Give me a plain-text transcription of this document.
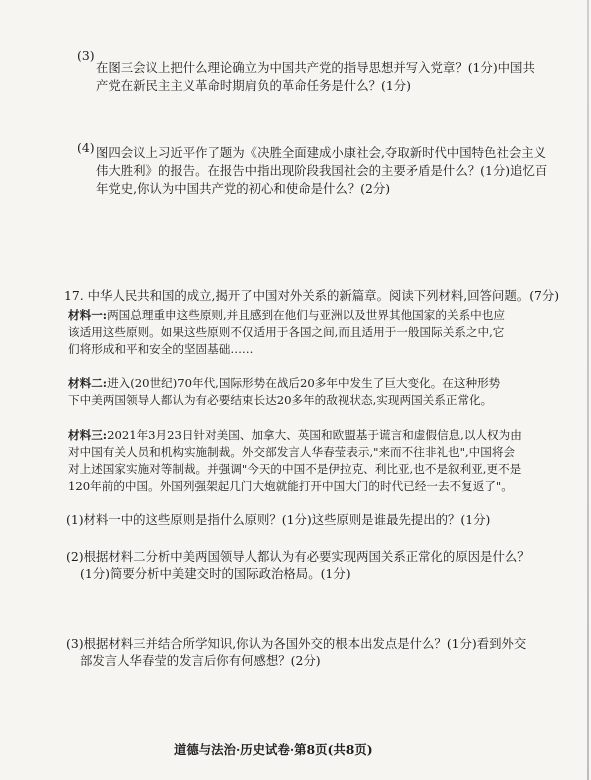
(3)
在图三会议上把什么理论确立为中国共产党的指导思想并写入党章？(1分)中国共
产党在新民主主义革命时期肩负的革命任务是什么？(1分)
(4) 图四会议上习近平作了题为《决胜全面建成小康社会,夺取新时代中国特色社会主义
伟大胜利》的报告。在报告中指出现阶段我国社会的主要矛盾是什么？(1分)追忆百
年党史,你认为中国共产党的初心和使命是什么？(2分)
17. 中华人民共和国的成立,揭开了中国对外关系的新篇章。阅读下列材料,回答问题。(7分)
材料一:两国总理重申这些原则,并且感到在他们与亚洲以及世界其他国家的关系中也应
该适用这些原则。如果这些原则不仅适用于各国之间,而且适用于一般国际关系之中,它
们将形成和平和安全的坚固基础……
材料二:进入(20世纪)70年代,国际形势在战后20多年中发生了巨大变化。在这种形势
下中美两国领导人都认为有必要结束长达20多年的敌视状态,实现两国关系正常化。
材料三:2021年3月23日针对美国、加拿大、英国和欧盟基于谎言和虚假信息,以人权为由
对中国有关人员和机构实施制裁。外交部发言人华春莹表示,"来而不往非礼也",中国将会
对上述国家实施对等制裁。并强调"今天的中国不是伊拉克、利比亚,也不是叙利亚,更不是
120年前的中国。外国列强架起几门大炮就能打开中国大门的时代已经一去不复返了"。
(1)材料一中的这些原则是指什么原则？(1分)这些原则是谁最先提出的？(1分)
(2)根据材料二分析中美两国领导人都认为有必要实现两国关系正常化的原因是什么？
(1分)简要分析中美建交时的国际政治格局。(1分)
(3)根据材料三并结合所学知识,你认为各国外交的根本出发点是什么？(1分)看到外交
部发言人华春莹的发言后你有何感想？(2分)
道德与法治·历史试卷·第8页(共8页)
